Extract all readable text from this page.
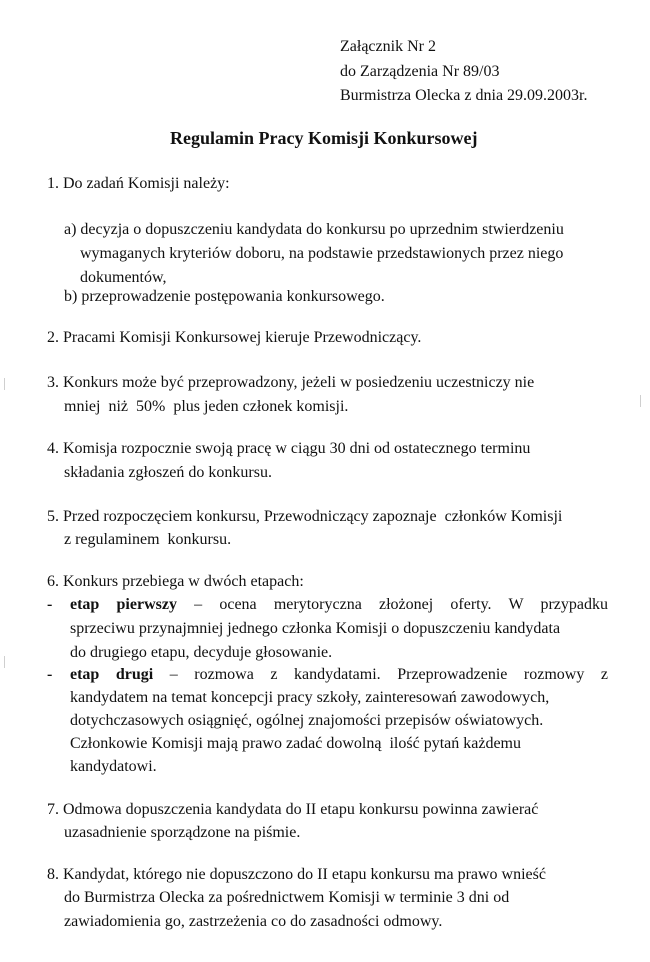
Załącznik Nr 2
do Zarządzenia Nr 89/03
Burmistrza Olecka z dnia 29.09.2003r.
Regulamin Pracy Komisji Konkursowej
1. Do zadań Komisji należy:
a) decyzja o dopuszczeniu kandydata do konkursu po uprzednim stwierdzeniu
wymaganych kryteriów doboru, na podstawie przedstawionych przez niego
dokumentów,
b) przeprowadzenie postępowania konkursowego.
2. Pracami Komisji Konkursowej kieruje Przewodniczący.
3. Konkurs może być przeprowadzony, jeżeli w posiedzeniu uczestniczy nie
mniej  niż  50%  plus jeden członek komisji.
4. Komisja rozpocznie swoją pracę w ciągu 30 dni od ostatecznego terminu
składania zgłoszeń do konkursu.
5. Przed rozpoczęciem konkursu, Przewodniczący zapoznaje  członków Komisji
z regulaminem  konkursu.
6. Konkurs przebiega w dwóch etapach:
- etap pierwszy – ocena merytoryczna złożonej oferty. W przypadku
sprzeciwu przynajmniej jednego członka Komisji o dopuszczeniu kandydata
do drugiego etapu, decyduje głosowanie.
- etap drugi – rozmowa z kandydatami. Przeprowadzenie rozmowy z
kandydatem na temat koncepcji pracy szkoły, zainteresowań zawodowych,
dotychczasowych osiągnięć, ogólnej znajomości przepisów oświatowych.
Członkowie Komisji mają prawo zadać dowolną  ilość pytań każdemu
kandydatowi.
7. Odmowa dopuszczenia kandydata do II etapu konkursu powinna zawierać
uzasadnienie sporządzone na piśmie.
8. Kandydat, którego nie dopuszczono do II etapu konkursu ma prawo wnieść
do Burmistrza Olecka za pośrednictwem Komisji w terminie 3 dni od
zawiadomienia go, zastrzeżenia co do zasadności odmowy.
